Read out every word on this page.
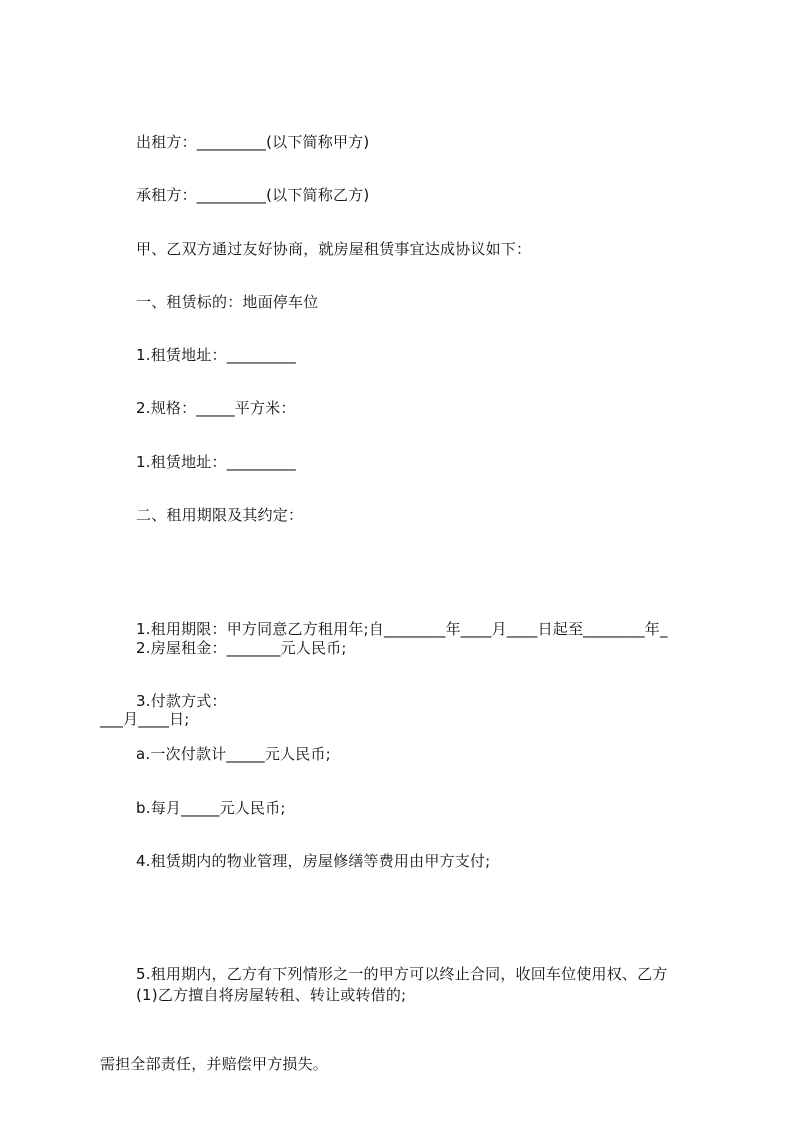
出租方：_________(以下简称甲方)
承租方：_________(以下简称乙方)
甲、乙双方通过友好协商，就房屋租赁事宜达成协议如下：
一、租赁标的：地面停车位
1.租赁地址：_________
2.规格：_____平方米：
1.租赁地址：_________
二、租用期限及其约定：

1.租用期限：甲方同意乙方租用年;自________年____月____日起至________年_

___月____日;

2.房屋租金：_______元人民币;
3.付款方式：
a.一次付款计_____元人民币;
b.每月_____元人民币;
4.租赁期内的物业管理，房屋修缮等费用由甲方支付;

5.租用期内，乙方有下列情形之一的甲方可以终止合同，收回车位使用权、乙方

需担全部责任，并赔偿甲方损失。

(1)乙方擅自将房屋转租、转让或转借的;
